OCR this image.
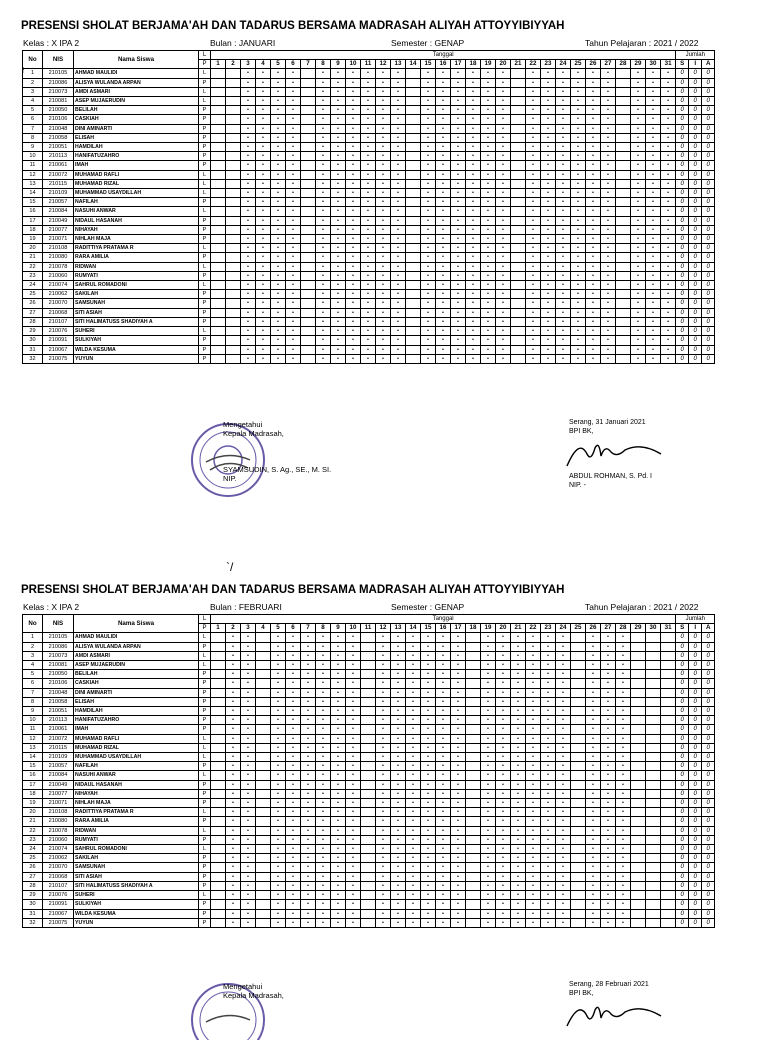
PRESENSI SHOLAT BERJAMA'AH DAN TADARUS BERSAMA MADRASAH ALIYAH ATTOYYIBIYYAH
Kelas : X IPA 2	Bulan : JANUARI	Semester : GENAP	Tahun Pelajaran : 2021 / 2022
No	NIS	Nama Siswa	L	Tanggal																															Jumlah		
			P	1	2	3	4	5	6	7	8	9	10	11	12	13	14	15	16	17	18	19	20	21	22	23	24	25	26	27	28	29	30	31	S	I	A
1	210105	AHMAD MAULIDI	L			•	•	•	•		•	•	•	•	•	•		•	•	•	•	•	•		•	•	•	•	•	•		•	•	•	0	0	0
2	210086	ALISYA WULANDA ARPAN	P			•	•	•	•		•	•	•	•	•	•		•	•	•	•	•	•		•	•	•	•	•	•		•	•	•	0	0	0
3	210073	AMDI ASMARI	L			•	•	•	•		•	•	•	•	•	•		•	•	•	•	•	•		•	•	•	•	•	•		•	•	•	0	0	0
4	210081	ASEP MUJAERUDIN	L			•	•	•	•		•	•	•	•	•	•		•	•	•	•	•	•		•	•	•	•	•	•		•	•	•	0	0	0
5	210050	BELILAH	P			•	•	•	•		•	•	•	•	•	•		•	•	•	•	•	•		•	•	•	•	•	•		•	•	•	0	0	0
6	210106	CASKIAH	P			•	•	•	•		•	•	•	•	•	•		•	•	•	•	•	•		•	•	•	•	•	•		•	•	•	0	0	0
7	210048	DINI AMINARTI	P			•	•	•	•		•	•	•	•	•	•		•	•	•	•	•	•		•	•	•	•	•	•		•	•	•	0	0	0
8	210058	ELISAH	P			•	•	•	•		•	•	•	•	•	•		•	•	•	•	•	•		•	•	•	•	•	•		•	•	•	0	0	0
9	210051	HAMDILAH	P			•	•	•	•		•	•	•	•	•	•		•	•	•	•	•	•		•	•	•	•	•	•		•	•	•	0	0	0
10	210113	HANIFATUZAHRO	P			•	•	•	•		•	•	•	•	•	•		•	•	•	•	•	•		•	•	•	•	•	•		•	•	•	0	0	0
11	210061	IMAH	P			•	•	•	•		•	•	•	•	•	•		•	•	•	•	•	•		•	•	•	•	•	•		•	•	•	0	0	0
12	210072	MUHAMAD RAFLI	L			•	•	•	•		•	•	•	•	•	•		•	•	•	•	•	•		•	•	•	•	•	•		•	•	•	0	0	0
13	210115	MUHAMAD RIZAL	L			•	•	•	•		•	•	•	•	•	•		•	•	•	•	•	•		•	•	•	•	•	•		•	•	•	0	0	0
14	210109	MUHAMMAD USAYDILLAH	L			•	•	•	•		•	•	•	•	•	•		•	•	•	•	•	•		•	•	•	•	•	•		•	•	•	0	0	0
15	210057	NAFILAH	P			•	•	•	•		•	•	•	•	•	•		•	•	•	•	•	•		•	•	•	•	•	•		•	•	•	0	0	0
16	210084	NASUHI ANWAR	L			•	•	•	•		•	•	•	•	•	•		•	•	•	•	•	•		•	•	•	•	•	•		•	•	•	0	0	0
17	210049	NIDAUL HASANAH	P			•	•	•	•		•	•	•	•	•	•		•	•	•	•	•	•		•	•	•	•	•	•		•	•	•	0	0	0
18	210077	NIHAYAH	P			•	•	•	•		•	•	•	•	•	•		•	•	•	•	•	•		•	•	•	•	•	•		•	•	•	0	0	0
19	210071	NIHLAH MAJA	P			•	•	•	•		•	•	•	•	•	•		•	•	•	•	•	•		•	•	•	•	•	•		•	•	•	0	0	0
20	210108	RADITTIYA PRATAMA R	L			•	•	•	•		•	•	•	•	•	•		•	•	•	•	•	•		•	•	•	•	•	•		•	•	•	0	0	0
21	210080	RARA AMILIA	P			•	•	•	•		•	•	•	•	•	•		•	•	•	•	•	•		•	•	•	•	•	•		•	•	•	0	0	0
22	210078	RIDWAN	L			•	•	•	•		•	•	•	•	•	•		•	•	•	•	•	•		•	•	•	•	•	•		•	•	•	0	0	0
23	210060	RUMYATI	P			•	•	•	•		•	•	•	•	•	•		•	•	•	•	•	•		•	•	•	•	•	•		•	•	•	0	0	0
24	210074	SAHRUL ROMADONI	L			•	•	•	•		•	•	•	•	•	•		•	•	•	•	•	•		•	•	•	•	•	•		•	•	•	0	0	0
25	210062	SAKILAH	P			•	•	•	•		•	•	•	•	•	•		•	•	•	•	•	•		•	•	•	•	•	•		•	•	•	0	0	0
26	210070	SAMSUNAH	P			•	•	•	•		•	•	•	•	•	•		•	•	•	•	•	•		•	•	•	•	•	•		•	•	•	0	0	0
27	210068	SITI ASIAH	P			•	•	•	•		•	•	•	•	•	•		•	•	•	•	•	•		•	•	•	•	•	•		•	•	•	0	0	0
28	210107	SITI HALIMATUSS SHADIYAH A	P			•	•	•	•		•	•	•	•	•	•		•	•	•	•	•	•		•	•	•	•	•	•		•	•	•	0	0	0
29	210076	SUHERI	L			•	•	•	•		•	•	•	•	•	•		•	•	•	•	•	•		•	•	•	•	•	•		•	•	•	0	0	0
30	210091	SULKIYAH	P			•	•	•	•		•	•	•	•	•	•		•	•	•	•	•	•		•	•	•	•	•	•		•	•	•	0	0	0
31	210067	WILDA KESUMA	P			•	•	•	•		•	•	•	•	•	•		•	•	•	•	•	•		•	•	•	•	•	•		•	•	•	0	0	0
32	210075	YUYUN	P			•	•	•	•		•	•	•	•	•	•		•	•	•	•	•	•		•	•	•	•	•	•		•	•	•	0	0	0
Mengetahui
Kepala Madrasah,
SYAMSUDIN, S. Ag., SE., M. SI.
NIP.
Serang, 31 Januari 2021
BPI BK,
ABDUL ROHMAN, S. Pd. I
NIP. -
f
`/
PRESENSI SHOLAT BERJAMA'AH DAN TADARUS BERSAMA MADRASAH ALIYAH ATTOYYIBIYYAH
Kelas : X IPA 2	Bulan : FEBRUARI	Semester : GENAP	Tahun Pelajaran : 2021 / 2022
No	NIS	Nama Siswa	L	Tanggal																															Jumlah		
			P	1	2	3	4	5	6	7	8	9	10	11	12	13	14	15	16	17	18	19	20	21	22	23	24	25	26	27	28	29	30	31	S	I	A
1	210105	AHMAD MAULIDI	L		•	•		•	•	•	•	•	•		•	•	•	•	•	•		•	•	•	•	•	•		•	•	•				0	0	0
2	210086	ALISYA WULANDA ARPAN	P		•	•		•	•	•	•	•	•		•	•	•	•	•	•		•	•	•	•	•	•		•	•	•				0	0	0
3	210073	AMDI ASMARI	L		•	•		•	•	•	•	•	•		•	•	•	•	•	•		•	•	•	•	•	•		•	•	•				0	0	0
4	210081	ASEP MUJAERUDIN	L		•	•		•	•	•	•	•	•		•	•	•	•	•	•		•	•	•	•	•	•		•	•	•				0	0	0
5	210050	BELILAH	P		•	•		•	•	•	•	•	•		•	•	•	•	•	•		•	•	•	•	•	•		•	•	•				0	0	0
6	210106	CASKIAH	P		•	•		•	•	•	•	•	•		•	•	•	•	•	•		•	•	•	•	•	•		•	•	•				0	0	0
7	210048	DINI AMINARTI	P		•	•		•	•	•	•	•	•		•	•	•	•	•	•		•	•	•	•	•	•		•	•	•				0	0	0
8	210058	ELISAH	P		•	•		•	•	•	•	•	•		•	•	•	•	•	•		•	•	•	•	•	•		•	•	•				0	0	0
9	210051	HAMDILAH	P		•	•		•	•	•	•	•	•		•	•	•	•	•	•		•	•	•	•	•	•		•	•	•				0	0	0
10	210113	HANIFATUZAHRO	P		•	•		•	•	•	•	•	•		•	•	•	•	•	•		•	•	•	•	•	•		•	•	•				0	0	0
11	210061	IMAH	P		•	•		•	•	•	•	•	•		•	•	•	•	•	•		•	•	•	•	•	•		•	•	•				0	0	0
12	210072	MUHAMAD RAFLI	L		•	•		•	•	•	•	•	•		•	•	•	•	•	•		•	•	•	•	•	•		•	•	•				0	0	0
13	210115	MUHAMAD RIZAL	L		•	•		•	•	•	•	•	•		•	•	•	•	•	•		•	•	•	•	•	•		•	•	•				0	0	0
14	210109	MUHAMMAD USAYDILLAH	L		•	•		•	•	•	•	•	•		•	•	•	•	•	•		•	•	•	•	•	•		•	•	•				0	0	0
15	210057	NAFILAH	P		•	•		•	•	•	•	•	•		•	•	•	•	•	•		•	•	•	•	•	•		•	•	•				0	0	0
16	210084	NASUHI ANWAR	L		•	•		•	•	•	•	•	•		•	•	•	•	•	•		•	•	•	•	•	•		•	•	•				0	0	0
17	210049	NIDAUL HASANAH	P		•	•		•	•	•	•	•	•		•	•	•	•	•	•		•	•	•	•	•	•		•	•	•				0	0	0
18	210077	NIHAYAH	P		•	•		•	•	•	•	•	•		•	•	•	•	•	•		•	•	•	•	•	•		•	•	•				0	0	0
19	210071	NIHLAH MAJA	P		•	•		•	•	•	•	•	•		•	•	•	•	•	•		•	•	•	•	•	•		•	•	•				0	0	0
20	210108	RADITTIYA PRATAMA R	L		•	•		•	•	•	•	•	•		•	•	•	•	•	•		•	•	•	•	•	•		•	•	•				0	0	0
21	210080	RARA AMILIA	P		•	•		•	•	•	•	•	•		•	•	•	•	•	•		•	•	•	•	•	•		•	•	•				0	0	0
22	210078	RIDWAN	L		•	•		•	•	•	•	•	•		•	•	•	•	•	•		•	•	•	•	•	•		•	•	•				0	0	0
23	210060	RUMYATI	P		•	•		•	•	•	•	•	•		•	•	•	•	•	•		•	•	•	•	•	•		•	•	•				0	0	0
24	210074	SAHRUL ROMADONI	L		•	•		•	•	•	•	•	•		•	•	•	•	•	•		•	•	•	•	•	•		•	•	•				0	0	0
25	210062	SAKILAH	P		•	•		•	•	•	•	•	•		•	•	•	•	•	•		•	•	•	•	•	•		•	•	•				0	0	0
26	210070	SAMSUNAH	P		•	•		•	•	•	•	•	•		•	•	•	•	•	•		•	•	•	•	•	•		•	•	•				0	0	0
27	210068	SITI ASIAH	P		•	•		•	•	•	•	•	•		•	•	•	•	•	•		•	•	•	•	•	•		•	•	•				0	0	0
28	210107	SITI HALIMATUSS SHADIYAH A	P		•	•		•	•	•	•	•	•		•	•	•	•	•	•		•	•	•	•	•	•		•	•	•				0	0	0
29	210076	SUHERI	L		•	•		•	•	•	•	•	•		•	•	•	•	•	•		•	•	•	•	•	•		•	•	•				0	0	0
30	210091	SULKIYAH	P		•	•		•	•	•	•	•	•		•	•	•	•	•	•		•	•	•	•	•	•		•	•	•				0	0	0
31	210067	WILDA KESUMA	P		•	•		•	•	•	•	•	•		•	•	•	•	•	•		•	•	•	•	•	•		•	•	•				0	0	0
32	210075	YUYUN	P		•	•		•	•	•	•	•	•		•	•	•	•	•	•		•	•	•	•	•	•		•	•	•				0	0	0
Mengetahui
Kepala Madrasah,
Serang, 28 Februari 2021
BPI BK,
